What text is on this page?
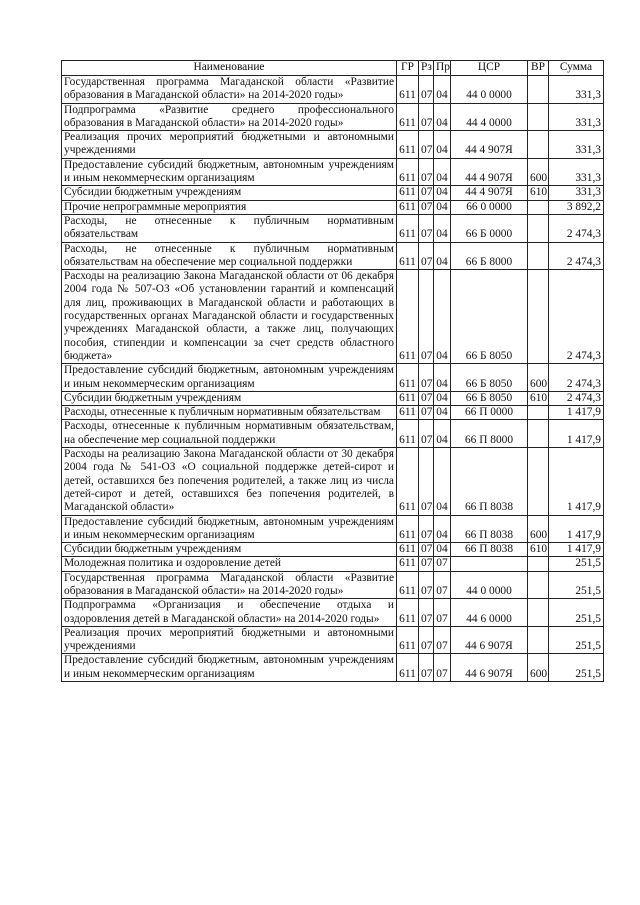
Наименование	ГР	Рз	Пр	ЦСР	ВР	Сумма

Государственная программа Магаданской области «Развитие образования в Магаданской области» на 2014-2020 годы»	611	07	04	44 0 0000		331,3

Подпрограмма «Развитие среднего профессионального образования в Магаданской области» на 2014-2020 годы»	611	07	04	44 4 0000		331,3

Реализация прочих мероприятий бюджетными и автономными учреждениями	611	07	04	44 4 907Я		331,3

Предоставление субсидий бюджетным, автономным учреждениям и иным некоммерческим организациям	611	07	04	44 4 907Я	600	331,3

Субсидии бюджетным учреждениям	611	07	04	44 4 907Я	610	331,3

Прочие непрограммные мероприятия	611	07	04	66 0 0000		3 892,2

Расходы, не отнесенные к публичным нормативным обязательствам	611	07	04	66 Б 0000		2 474,3

Расходы, не отнесенные к публичным нормативным обязательствам на обеспечение мер социальной поддержки	611	07	04	66 Б 8000		2 474,3

Расходы на реализацию Закона Магаданской области от 06 декабря 2004 года № 507-ОЗ «Об установлении гарантий и компенсаций для лиц, проживающих в Магаданской области и работающих в государственных органах Магаданской области и государственных учреждениях Магаданской области, а также лиц, получающих пособия, стипендии и компенсации за счет средств областного бюджета»	611	07	04	66 Б 8050		2 474,3

Предоставление субсидий бюджетным, автономным учреждениям и иным некоммерческим организациям	611	07	04	66 Б 8050	600	2 474,3

Субсидии бюджетным учреждениям	611	07	04	66 Б 8050	610	2 474,3

Расходы, отнесенные к публичным нормативным обязательствам	611	07	04	66 П 0000		1 417,9

Расходы, отнесенные к публичным нормативным обязательствам, на обеспечение мер социальной поддержки	611	07	04	66 П 8000		1 417,9

Расходы на реализацию Закона Магаданской области от 30 декабря 2004 года № 541-ОЗ «О социальной поддержке детей-сирот и детей, оставшихся без попечения родителей, а также лиц из числа детей-сирот и детей, оставшихся без попечения родителей, в Магаданской области»	611	07	04	66 П 8038		1 417,9

Предоставление субсидий бюджетным, автономным учреждениям и иным некоммерческим организациям	611	07	04	66 П 8038	600	1 417,9

Субсидии бюджетным учреждениям	611	07	04	66 П 8038	610	1 417,9

Молодежная политика и оздоровление детей	611	07	07			251,5

Государственная программа Магаданской области «Развитие образования в Магаданской области» на 2014-2020 годы»	611	07	07	44 0 0000		251,5

Подпрограмма «Организация и обеспечение отдыха и оздоровления детей в Магаданской области» на 2014-2020 годы»	611	07	07	44 6 0000		251,5

Реализация прочих мероприятий бюджетными и автономными учреждениями	611	07	07	44 6 907Я		251,5

Предоставление субсидий бюджетным, автономным учреждениям и иным некоммерческим организациям	611	07	07	44 6 907Я	600	251,5
